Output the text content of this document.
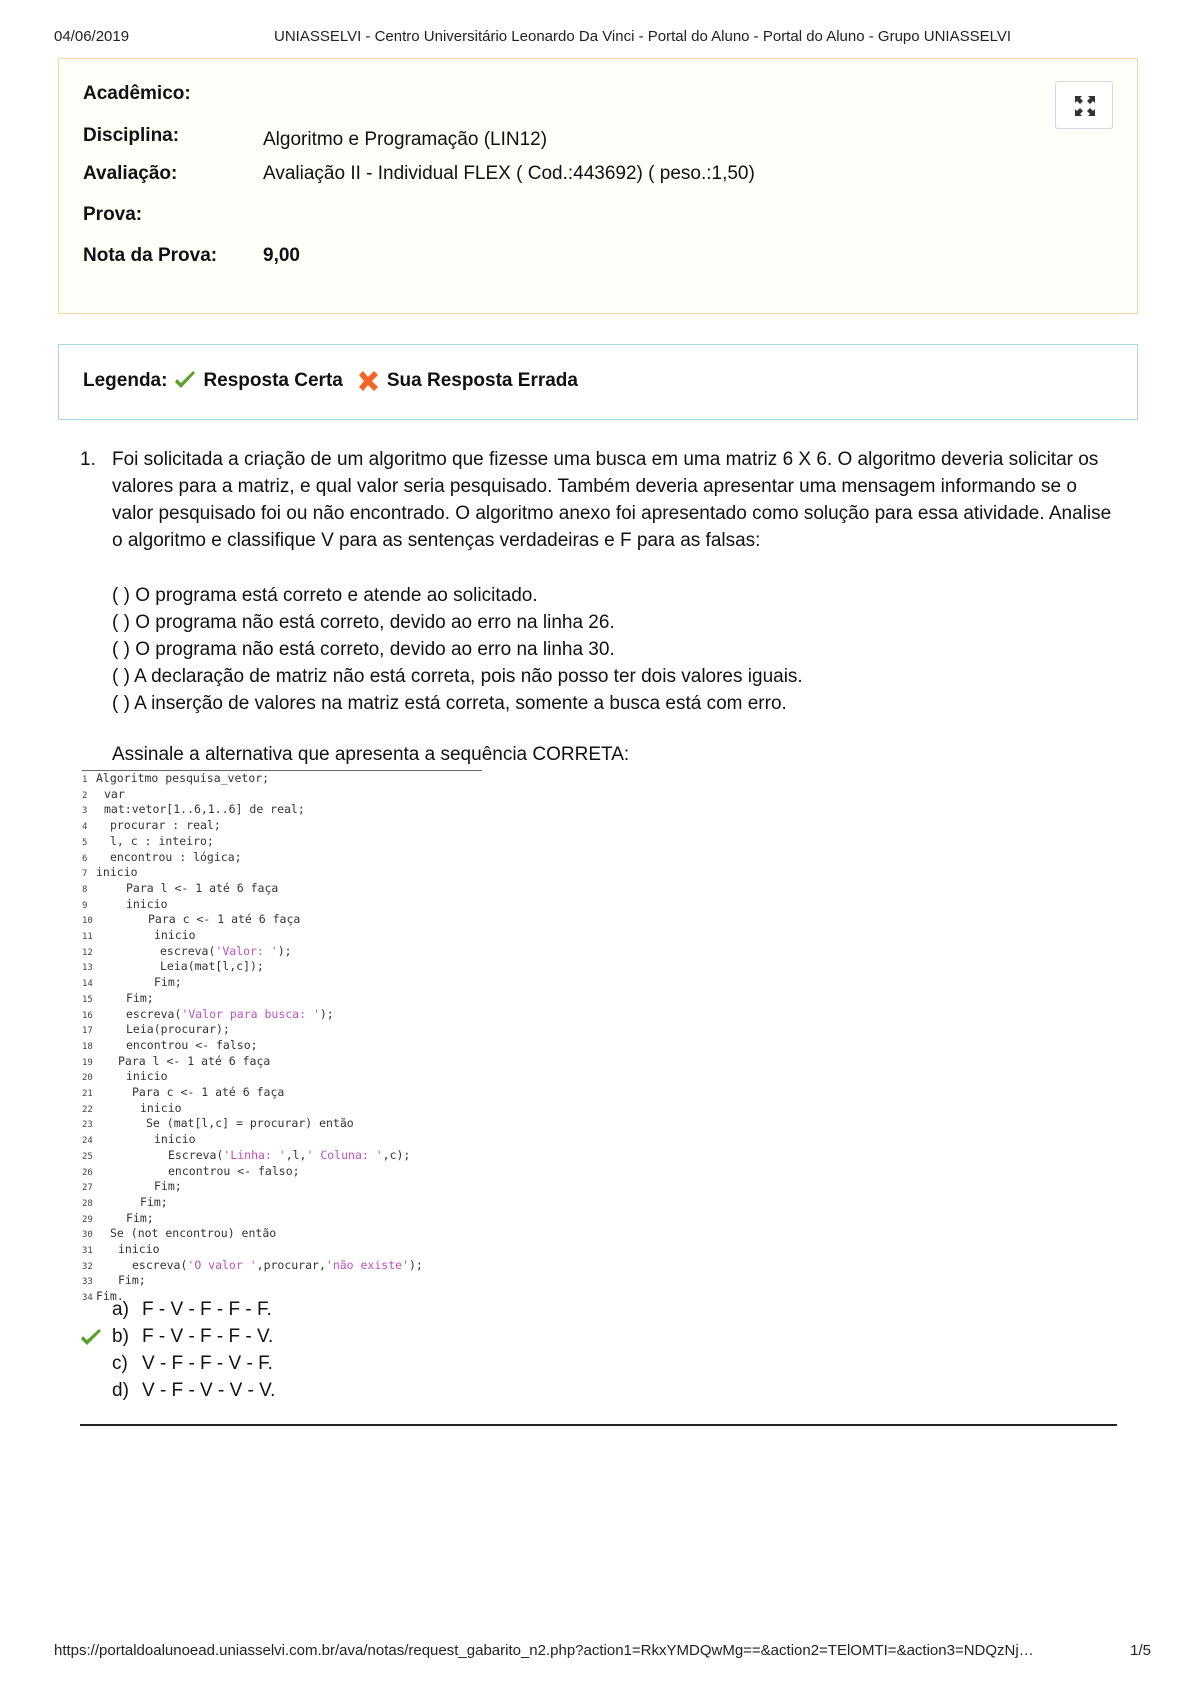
04/06/2019	UNIASSELVI - Centro Universitário Leonardo Da Vinci - Portal do Aluno - Portal do Aluno - Grupo UNIASSELVI
Acadêmico:
Disciplina:	Algoritmo e Programação (LIN12)
Avaliação:	Avaliação II - Individual FLEX ( Cod.:443692) ( peso.:1,50)
Prova:
Nota da Prova: 9,00
Legenda: Resposta Certa Sua Resposta Errada
1. Foi solicitada a criação de um algoritmo que fizesse uma busca em uma matriz 6 X 6. O algoritmo deveria solicitar os valores para a matriz, e qual valor seria pesquisado. Também deveria apresentar uma mensagem informando se o valor pesquisado foi ou não encontrado. O algoritmo anexo foi apresentado como solução para essa atividade. Analise o algoritmo e classifique V para as sentenças verdadeiras e F para as falsas:
( ) O programa está correto e atende ao solicitado.
( ) O programa não está correto, devido ao erro na linha 26.
( ) O programa não está correto, devido ao erro na linha 30.
( ) A declaração de matriz não está correta, pois não posso ter dois valores iguais.
( ) A inserção de valores na matriz está correta, somente a busca está com erro.
Assinale a alternativa que apresenta a sequência CORRETA:
1 Algoritmo pesquisa_vetor;
2 var
3 mat:vetor[1..6,1..6] de real;
4 procurar : real;
5 l, c : inteiro;
6 encontrou : lógica;
7 inicio
8	Para l <- 1 até 6 faça
9	inicio
10	Para c <- 1 até 6 faça
11	inicio
12	escreva('Valor: ');
13	Leia(mat[l,c]);
14	Fim;
15	Fim;
16	escreva('Valor para busca: ');
17	Leia(procurar);
18	encontrou <- falso;
19 Para l <- 1 até 6 faça
20	inicio
21	Para c <- 1 até 6 faça
22	inicio
23	Se (mat[l,c] = procurar) então
24	inicio
25	Escreva('Linha: ',l,' Coluna: ',c);
26	encontrou <- falso;
27	Fim;
28	Fim;
29	Fim;
30 Se (not encontrou) então
31 inicio
32	escreva('O valor ',procurar,'não existe');
33 Fim;
34 Fim.
a) F - V - F - F - F.
b) F - V - F - F - V.
c) V - F - F - V - F.
d) V - F - V - V - V.
https://portaldoalunoead.uniasselvi.com.br/ava/notas/request_gabarito_n2.php?action1=RkxYMDQwMg==&action2=TElOMTI=&action3=NDQzNj…	1/5
